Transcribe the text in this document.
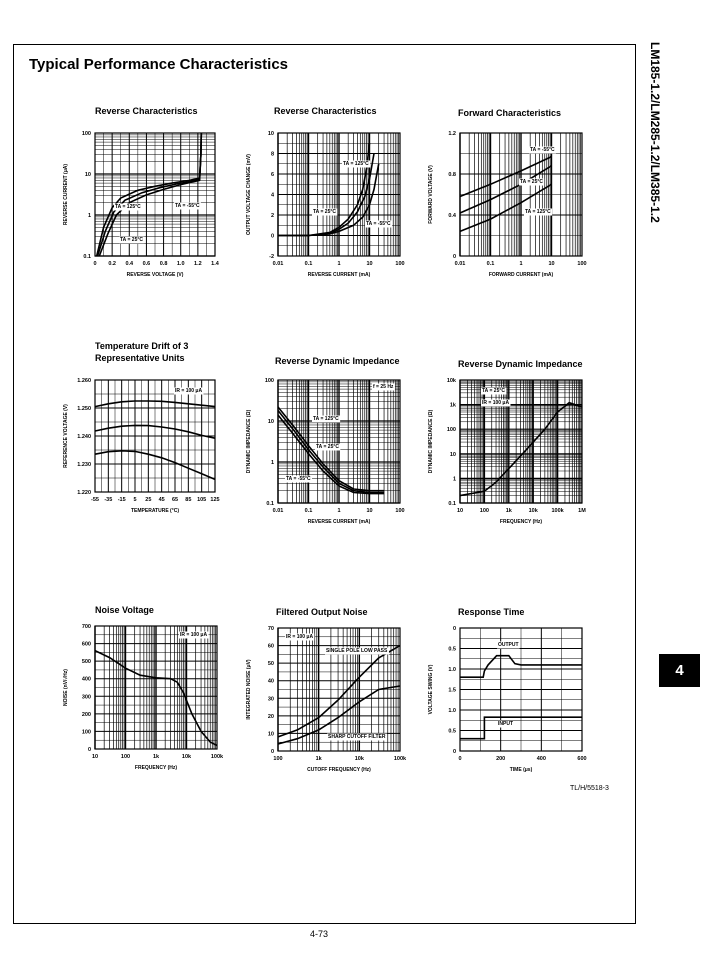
Typical Performance Characteristics	LM185-1.2/LM285-1.2/LM385-1.2
4
TL/H/5518-3
4-73
Reverse Characteristics
0 0.2 0.4 0.6 0.8 1.0 1.2 1.4
0.1
1
10
100
REVERSE VOLTAGE (V)
REVERSE CURRENT (μA)	TA = 125°C	TA = -55°C
TA = 25°C
Reverse Characteristics
0.01	0.1	1	10	100
-2
0
2
4
6
8
10
REVERSE CURRENT (mA)
OUTPUT VOLTAGE CHANGE (mV)	TA = 125°C
TA = 25°C
TA = -55°C
Forward Characteristics
0.01	0.1	1	10	100
0
0.4
0.8
1.2
FORWARD CURRENT (mA)
FORWARD VOLTAGE (V)
TA = -55°C
TA = 25°C
TA = 125°C
Temperature Drift of 3 Representative Units
-55 -35 -15 5 25 45 65 85 105 125
1.220
1.230
1.240
1.250
1.260
TEMPERATURE (°C)
REFERENCE VOLTAGE (V)
IR = 100 μA
Reverse Dynamic Impedance
0.01	0.1	1	10	100
0.1
1
10
100
REVERSE CURRENT (mA)
DYNAMIC IMPEDANCE (Ω)
f = 25 Hz
TA = 125°C
TA = 25°C
TA = -55°C
Reverse Dynamic Impedance
10	100	1k	10k 100k	1M
0.1
1
10
100
1k
10k
FREQUENCY (Hz)
DYNAMIC IMPEDANCE (Ω)
TA = 25°C
IR = 100 μA
Noise Voltage
10	100	1k	10k	100k
0
100
200
300
400
500
600
700
FREQUENCY (Hz)
NOISE (nV/√Hz)
IR = 100 μA
Filtered Output Noise
100	1k	10k	100k
0
10
20
30
40
50
60
70
CUTOFF FREQUENCY (Hz)
INTEGRATED NOISE (μV)
IR = 100 μA
SINGLE POLE LOW PASS
SHARP CUTOFF FILTER
Response Time
0	200	400	600
0
0.5
1.0
1.5
1.0
0.5
0
TIME (μs)
VOLTAGE SWING (V)
OUTPUT
INPUT
